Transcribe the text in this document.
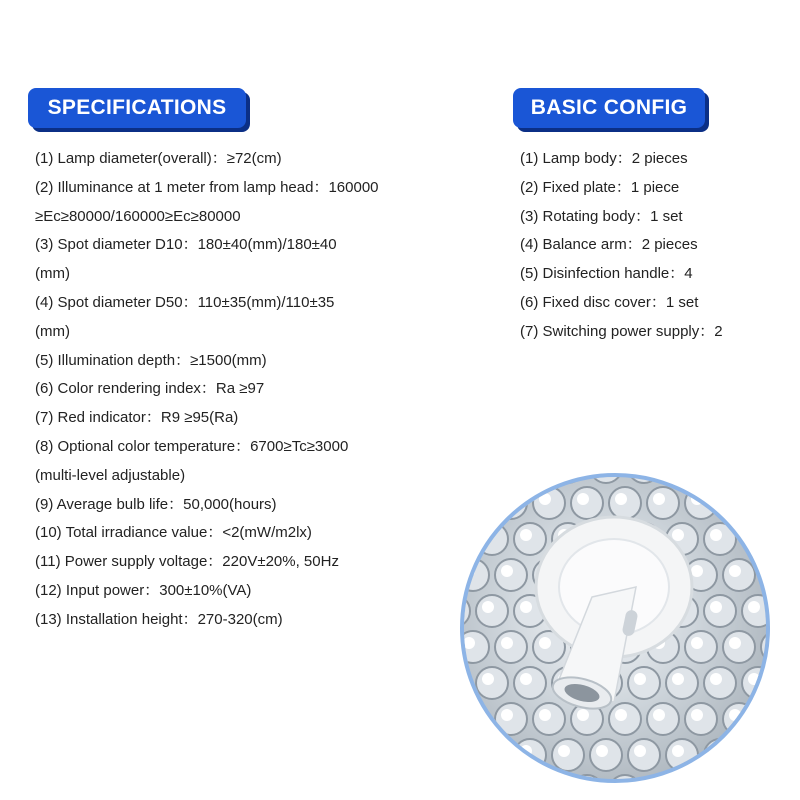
SPECIFICATIONS
(1) Lamp diameter(overall)：≥72(cm)
(2) Illuminance at 1 meter from lamp head：160000
≥Ec≥80000/160000≥Ec≥80000
(3) Spot diameter D10：180±40(mm)/180±40
(mm)
(4) Spot diameter D50：110±35(mm)/110±35
(mm)
(5) Illumination depth：≥1500(mm)
(6) Color rendering index：Ra ≥97
(7) Red indicator：R9 ≥95(Ra)
(8) Optional color temperature：6700≥Tc≥3000
(multi-level adjustable)
(9) Average bulb life：50,000(hours)
(10) Total irradiance value：<2(mW/m2lx)
(11) Power supply voltage：220V±20%, 50Hz
(12) Input power：300±10%(VA)
(13) Installation height：270-320(cm)
BASIC CONFIG
(1) Lamp body：2 pieces
(2) Fixed plate：1 piece
(3) Rotating body：1 set
(4) Balance arm：2 pieces
(5) Disinfection handle：4
(6) Fixed disc cover：1 set
(7) Switching power supply：2
